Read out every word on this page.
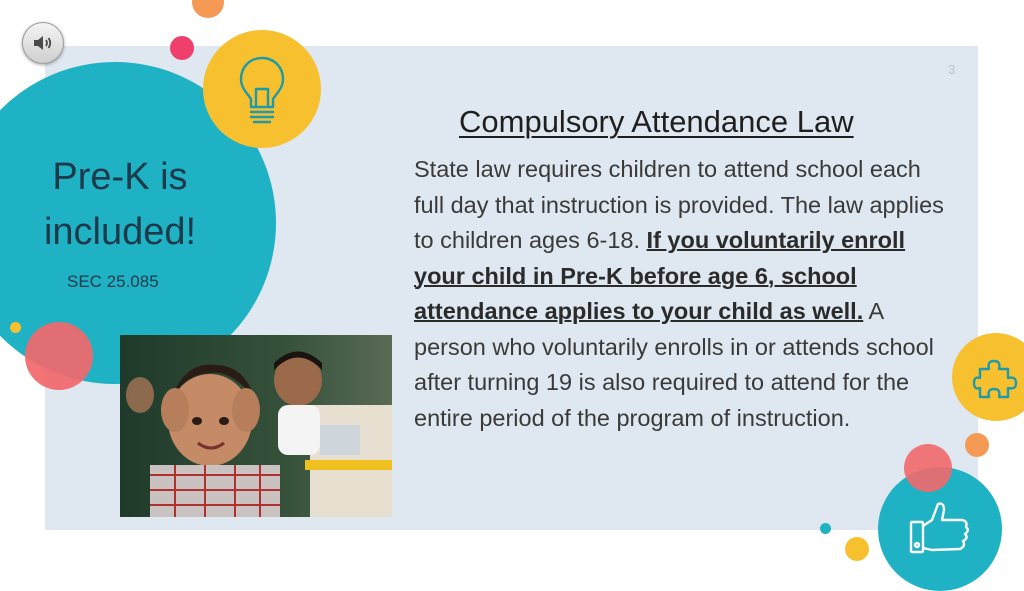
3
Pre-K is included!
SEC 25.085
Compulsory Attendance Law
State law requires children to attend school each full day that instruction is provided. The law applies to children ages 6-18. If you voluntarily enroll your child in Pre-K before age 6, school attendance applies to your child as well. A person who voluntarily enrolls in or attends school after turning 19 is also required to attend for the entire period of the program of instruction.
